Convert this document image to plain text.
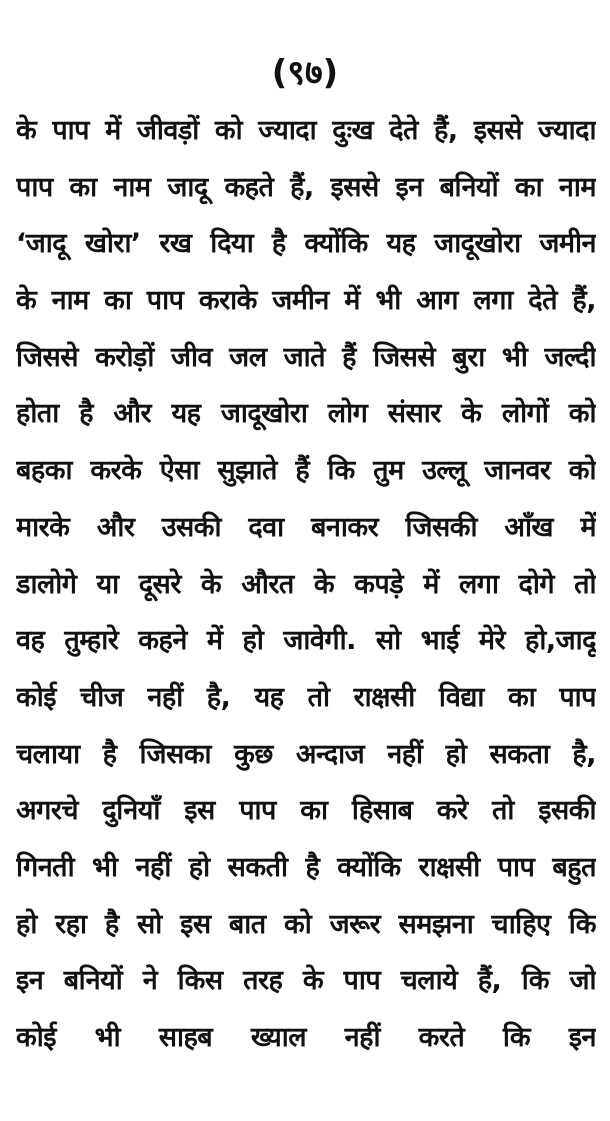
(९७)
के पाप में जीवड़ों को ज्यादा दुःख देते हैं, इससे ज्यादा
पाप का नाम जादू कहते हैं, इससे इन बनियों का नाम
‘जादू खोरा’ रख दिया है क्योंकि यह जादूखोरा जमीन
के नाम का पाप कराके जमीन में भी आग लगा देते हैं,
जिससे करोड़ों जीव जल जाते हैं जिससे बुरा भी जल्दी
होता है और यह जादूखोरा लोग संसार के लोगों को
बहका करके ऐसा सुझाते हैं कि तुम उल्लू जानवर को
मारके और उसकी दवा बनाकर जिसकी आँख में
डालोगे या दूसरे के औरत के कपड़े में लगा दोगे तो
वह तुम्हारे कहने में हो जावेगी. सो भाई मेरे हो,जादू
कोई चीज नहीं है, यह तो राक्षसी विद्या का पाप
चलाया है जिसका कुछ अन्दाज नहीं हो सकता है,
अगरचे दुनियाँ इस पाप का हिसाब करे तो इसकी
गिनती भी नहीं हो सकती है क्योंकि राक्षसी पाप बहुत
हो रहा है सो इस बात को जरूर समझना चाहिए कि
इन बनियों ने किस तरह के पाप चलाये हैं, कि जो
कोई भी साहब ख्याल नहीं करते कि इन
